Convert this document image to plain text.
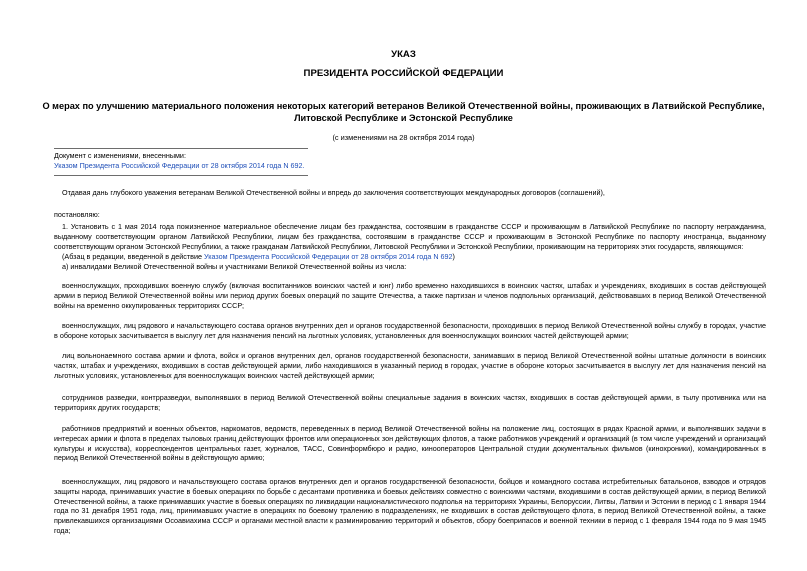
УКАЗ
ПРЕЗИДЕНТА РОССИЙСКОЙ ФЕДЕРАЦИИ
О мерах по улучшению материального положения некоторых категорий ветеранов Великой Отечественной войны, проживающих в Латвийской Республике,
Литовской Республике и Эстонской Республике
(с изменениями на 28 октября 2014 года)
Документ с изменениями, внесенными:
Указом Президента Российской Федерации от 28 октября 2014 года N 692.

Отдавая дань глубокого уважения ветеранам Великой Отечественной войны и впредь до заключения соответствующих международных договоров (соглашений),

постановляю:

1. Установить с 1 мая 2014 года пожизненное материальное обеспечение лицам без гражданства, состоявшим в гражданстве СССР и проживающим в Латвийской Республике по паспорту негражданина, выданному соответствующим органом Латвийской Республики, лицам без гражданства, состоявшим в гражданстве СССР и проживающим в Эстонской Республике по паспорту иностранца, выданному соответствующим органом Эстонской Республики, а также гражданам Латвийской Республики, Литовской Республики и Эстонской Республики, проживающим на территориях этих государств, являющимся:

(Абзац в редакции, введенной в действие Указом Президента Российской Федерации от 28 октября 2014 года N 692)

а) инвалидами Великой Отечественной войны и участниками Великой Отечественной войны из числа:

военнослужащих, проходивших военную службу (включая воспитанников воинских частей и юнг) либо временно находившихся в воинских частях, штабах и учреждениях, входивших в состав действующей армии в период Великой Отечественной войны или период других боевых операций по защите Отечества, а также партизан и членов подпольных организаций, действовавших в период Великой Отечественной войны на временно оккупированных территориях СССР;

военнослужащих, лиц рядового и начальствующего состава органов внутренних дел и органов государственной безопасности, проходивших в период Великой Отечественной войны службу в городах, участие в обороне которых засчитывается в выслугу лет для назначения пенсий на льготных условиях, установленных для военнослужащих воинских частей действующей армии;

лиц вольнонаемного состава армии и флота, войск и органов внутренних дел, органов государственной безопасности, занимавших в период Великой Отечественной войны штатные должности в воинских частях, штабах и учреждениях, входивших в состав действующей армии, либо находившихся в указанный период в городах, участие в обороне которых засчитывается в выслугу лет для назначения пенсий на льготных условиях, установленных для военнослужащих воинских частей действующей армии;

сотрудников разведки, контрразведки, выполнявших в период Великой Отечественной войны специальные задания в воинских частях, входивших в состав действующей армии, в тылу противника или на территориях других государств;

работников предприятий и военных объектов, наркоматов, ведомств, переведенных в период Великой Отечественной войны на положение лиц, состоящих в рядах Красной армии, и выполнявших задачи в интересах армии и флота в пределах тыловых границ действующих фронтов или операционных зон действующих флотов, а также работников учреждений и организаций (в том числе учреждений и организаций культуры и искусства), корреспондентов центральных газет, журналов, ТАСС, Совинформбюро и радио, кинооператоров Центральной студии документальных фильмов (кинохроники), командированных в период Великой Отечественной войны в действующую армию;

военнослужащих, лиц рядового и начальствующего состава органов внутренних дел и органов государственной безопасности, бойцов и командного состава истребительных батальонов, взводов и отрядов защиты народа, принимавших участие в боевых операциях по борьбе с десантами противника и боевых действиях совместно с воинскими частями, входившими в состав действующей армии, в период Великой Отечественной войны, а также принимавших участие в боевых операциях по ликвидации националистического подполья на территориях Украины, Белоруссии, Литвы, Латвии и Эстонии в период с 1 января 1944 года по 31 декабря 1951 года, лиц, принимавших участие в операциях по боевому тралению в подразделениях, не входивших в состав действующего флота, в период Великой Отечественной войны, а также привлекавшихся организациями Осоавиахима СССР и органами местной власти к разминированию территорий и объектов, сбору боеприпасов и военной техники в период с 1 февраля 1944 года по 9 мая 1945 года;
